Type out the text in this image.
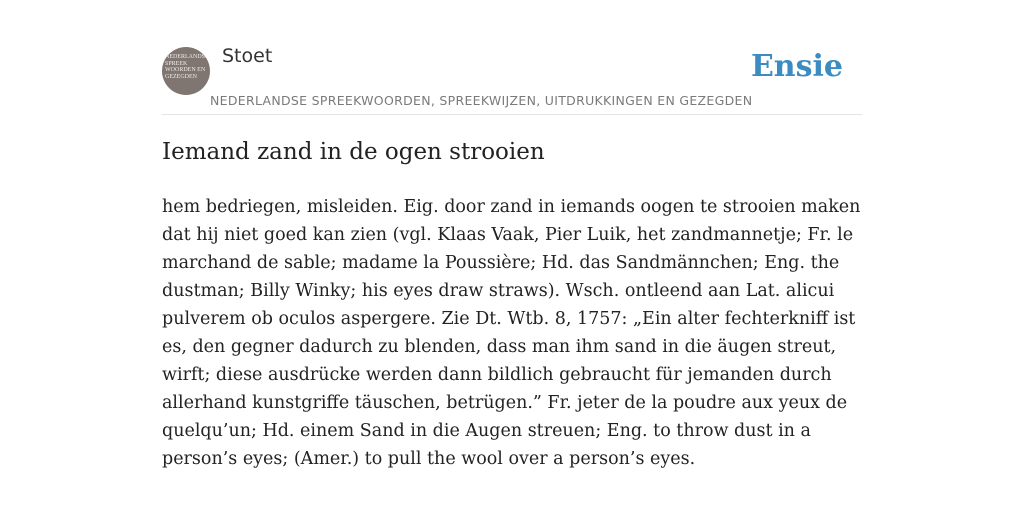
NEDERLANDSE
SPREEK
WOORDEN EN
GEZEGDEN
Stoet
NEDERLANDSE SPREEKWOORDEN, SPREEKWIJZEN, UITDRUKKINGEN EN GEZEGDEN
Ensie
Iemand zand in de ogen strooien

hem bedriegen, misleiden. Eig. door zand in iemands oogen te strooien maken dat hij niet goed kan zien (vgl. Klaas Vaak, Pier Luik, het zandmannetje; Fr. le marchand de sable; madame la Poussière; Hd. das Sandmännchen; Eng. the dustman; Billy Winky; his eyes draw straws). Wsch. ontleend aan Lat. alicui pulverem ob oculos aspergere. Zie Dt. Wtb. 8, 1757: „Ein alter fechterkniff ist es, den gegner dadurch zu blenden, dass man ihm sand in die äugen streut, wirft; diese ausdrücke werden dann bildlich gebraucht für jemanden durch allerhand kunstgriffe täuschen, betrügen.” Fr. jeter de la poudre aux yeux de quelqu’un; Hd. einem Sand in die Augen streuen; Eng. to throw dust in a person’s eyes; (Amer.) to pull the wool over a person’s eyes.
